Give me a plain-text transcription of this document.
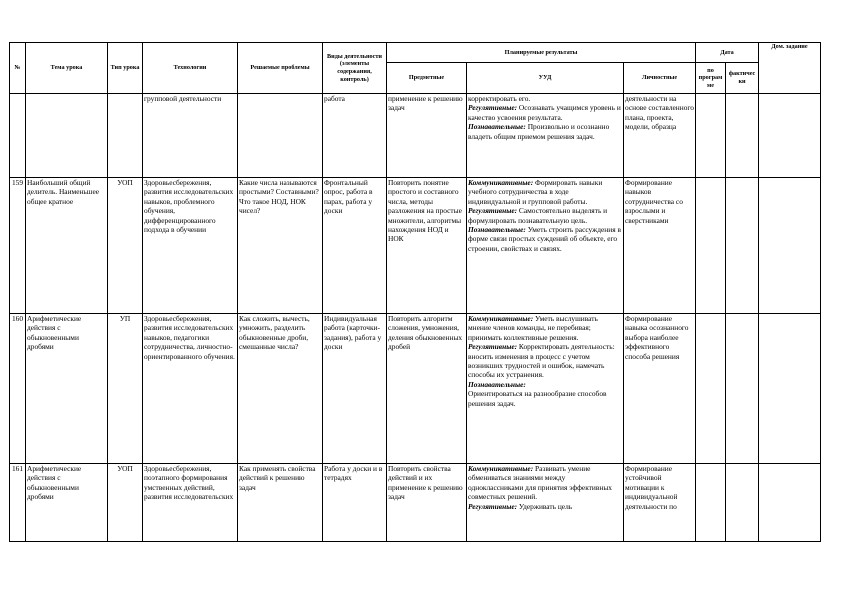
№	Тема урока	Тип урока	Технологии	Решаемые проблемы	Виды деятельности (элементы содержания, контроль)	Планируемые результаты			Дата		Дом. задание
						Предметные	УУД	Личностные	по программе	фактически	
			групповой деятельности		работа	применение к решению задач	корректировать его.
Регулятивные: Осознавать учащимся уровень и качество усвоения результата.
Познавательные: Произвольно и осознанно владеть общим приемом решения задач.	деятельности на основе составленного плана, проекта, модели, образца			
159	Наибольший общий делитель. Наименьшее общее кратное	УОП	Здоровьесбережения, развития исследовательских навыков, проблемного обучения, дифференцированного подхода в обучении	Какие числа называются простыми? Составными? Что такое НОД, НОК чисел?	Фронтальный опрос, работа в парах, работа у доски	Повторить понятие простого и составного числа, методы разложения на простые множители, алгоритмы нахождения НОД и НОК	Коммуникативные: Формировать навыки учебного сотрудничества в ходе индивидуальной и групповой работы.
Регулятивные: Самостоятельно выделять и формулировать познавательную цель.
Познавательные: Уметь строить рассуждения в форме связи простых суждений об объекте, его строении, свойствах и связях.	Формирование навыков сотрудничества со взрослыми и сверстниками			
160	Арифметические действия с обыкновенными дробями	УП	Здоровьесбережения, развития исследовательских навыков, педагогики сотрудничества, личностно-ориентированного обучения.	Как сложить, вычесть, умножить, разделить обыкновенные дроби, смешанные числа?	Индивидуальная работа (карточки-задания), работа у доски	Повторить алгоритм сложения, умножения, деления обыкновенных дробей	Коммуникативные: Уметь выслушивать мнение членов команды, не перебивая; принимать коллективные решения.
Регулятивные: Корректировать деятельность: вносить изменения в процесс с учетом возникших трудностей и ошибок, намечать способы их устранения.
Познавательные:
Ориентироваться на разнообразие способов решения задач.	Формирование навыка осознанного выбора наиболее эффективного способа решения			
161	Арифметические действия с обыкновенными дробями	УОП	Здоровьесбережения, поэтапного формирования умственных действий, развития исследовательских	Как применять свойства действий к решению задач	Работа у доски и в тетрадях	Повторить свойства действий и их применение к решению задач	Коммуникативные: Развивать умение обмениваться знаниями между одноклассниками для принятия эффективных совместных решений.
Регулятивные: Удерживать цель	Формирование устойчивой мотивации к индивидуальной деятельности по			
